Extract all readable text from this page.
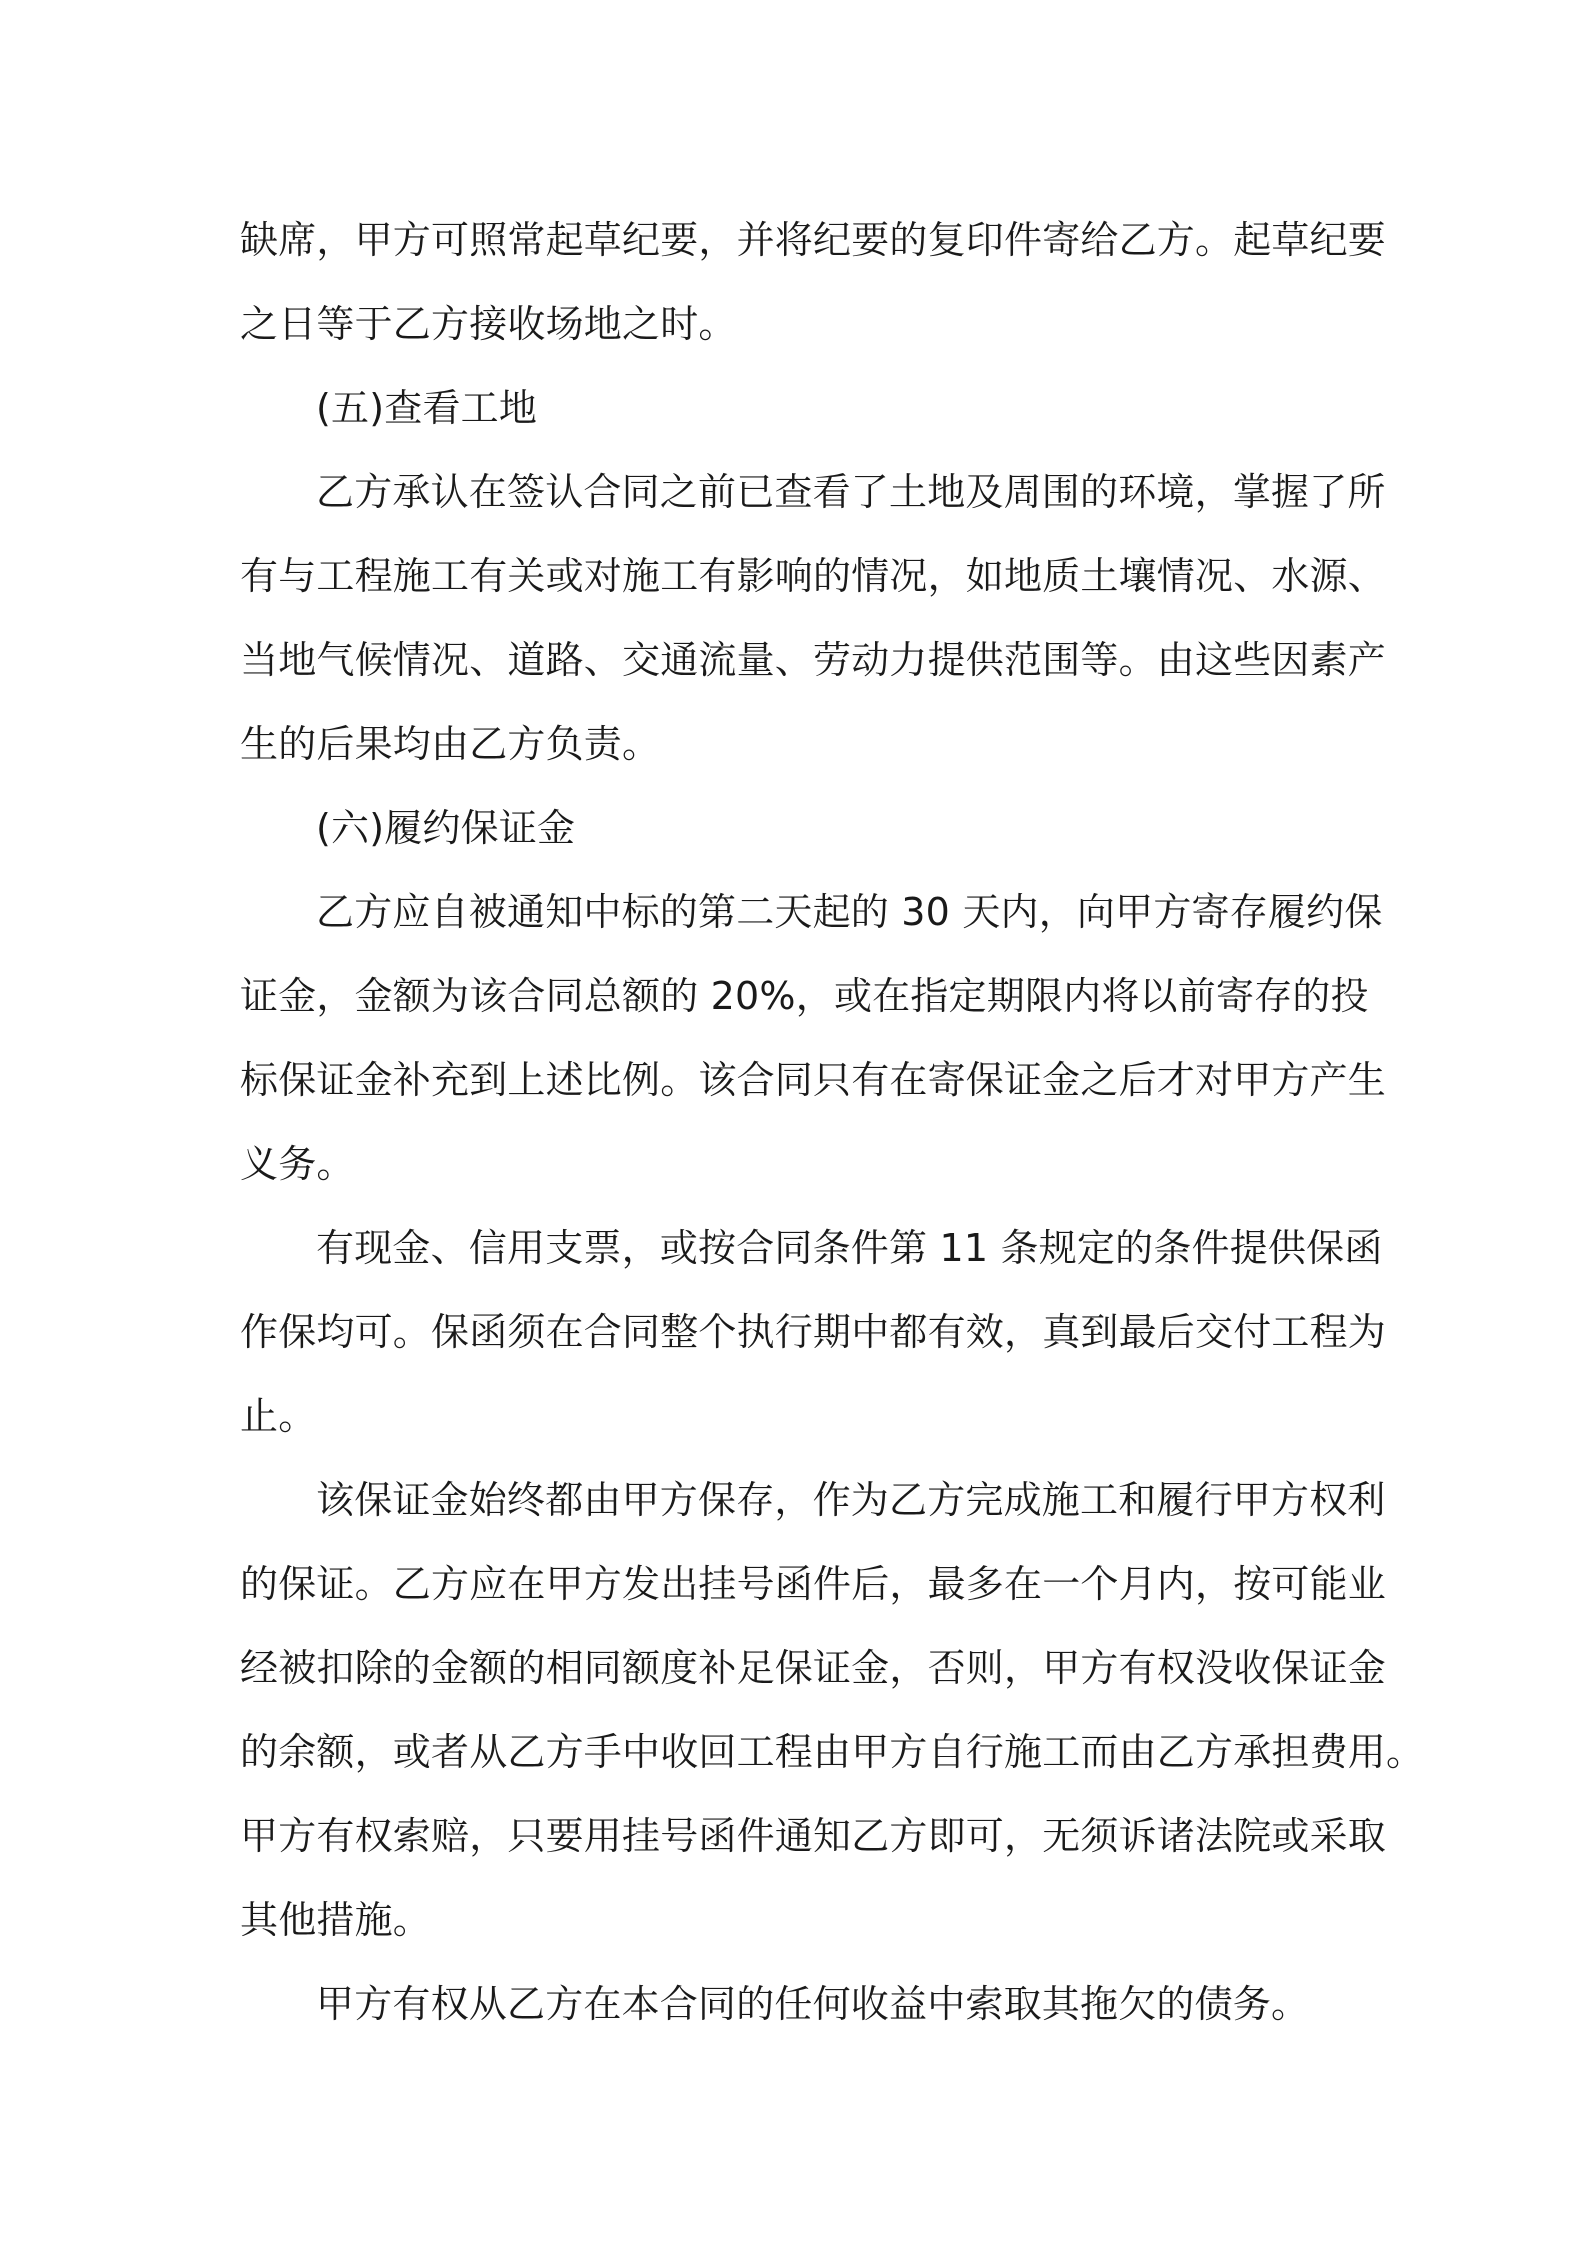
缺席，甲方可照常起草纪要，并将纪要的复印件寄给乙方。起草纪要
之日等于乙方接收场地之时。
(五)查看工地
乙方承认在签认合同之前已查看了土地及周围的环境，掌握了所
有与工程施工有关或对施工有影响的情况，如地质土壤情况、水源、
当地气候情况、道路、交通流量、劳动力提供范围等。由这些因素产
生的后果均由乙方负责。
(六)履约保证金
乙方应自被通知中标的第二天起的 30 天内，向甲方寄存履约保
证金，金额为该合同总额的 20%，或在指定期限内将以前寄存的投
标保证金补充到上述比例。该合同只有在寄保证金之后才对甲方产生
义务。
有现金、信用支票，或按合同条件第 11 条规定的条件提供保函
作保均可。保函须在合同整个执行期中都有效，真到最后交付工程为
止。
该保证金始终都由甲方保存，作为乙方完成施工和履行甲方权利
的保证。乙方应在甲方发出挂号函件后，最多在一个月内，按可能业
经被扣除的金额的相同额度补足保证金，否则，甲方有权没收保证金
的余额，或者从乙方手中收回工程由甲方自行施工而由乙方承担费用。
甲方有权索赔，只要用挂号函件通知乙方即可，无须诉诸法院或采取
其他措施。
甲方有权从乙方在本合同的任何收益中索取其拖欠的债务。
